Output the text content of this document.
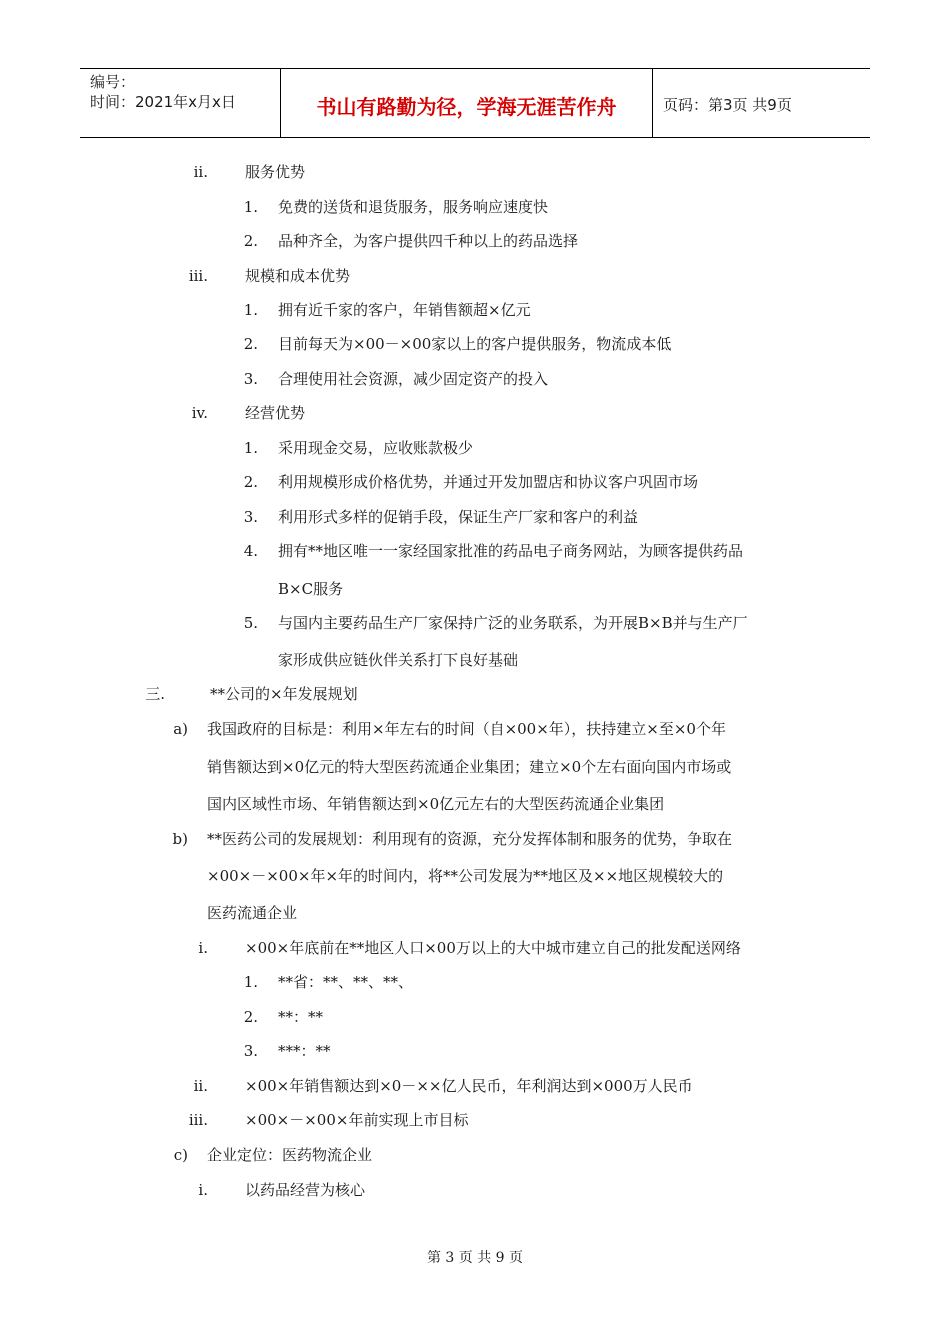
编号：
时间：2021年x月x日	书山有路勤为径，学海无涯苦作舟	页码：第3页 共9页
ii. 服务优势
1. 免费的送货和退货服务，服务响应速度快
2. 品种齐全，为客户提供四千种以上的药品选择
iii. 规模和成本优势
1. 拥有近千家的客户，年销售额超×亿元
2. 目前每天为×00－×00家以上的客户提供服务，物流成本低
3. 合理使用社会资源，减少固定资产的投入
iv. 经营优势
1. 采用现金交易，应收账款极少
2. 利用规模形成价格优势，并通过开发加盟店和协议客户巩固市场
3. 利用形式多样的促销手段，保证生产厂家和客户的利益
4. 拥有**地区唯一一家经国家批准的药品电子商务网站，为顾客提供药品
B×C服务
5. 与国内主要药品生产厂家保持广泛的业务联系，为开展B×B并与生产厂
家形成供应链伙伴关系打下良好基础
三.	**公司的×年发展规划
a) 我国政府的目标是：利用×年左右的时间（自×00×年），扶持建立×至×0个年
销售额达到×0亿元的特大型医药流通企业集团；建立×0个左右面向国内市场或
国内区域性市场、年销售额达到×0亿元左右的大型医药流通企业集团
b) **医药公司的发展规划：利用现有的资源，充分发挥体制和服务的优势，争取在
×00×－×00×年×年的时间内，将**公司发展为**地区及××地区规模较大的
医药流通企业
i. ×00×年底前在**地区人口×00万以上的大中城市建立自己的批发配送网络
1. **省：**、**、**、
2. **：**
3. ***：**
ii. ×00×年销售额达到×0－××亿人民币，年利润达到×000万人民币
iii. ×00×－×00×年前实现上市目标
c) 企业定位：医药物流企业
i. 以药品经营为核心
第 3 页 共 9 页
